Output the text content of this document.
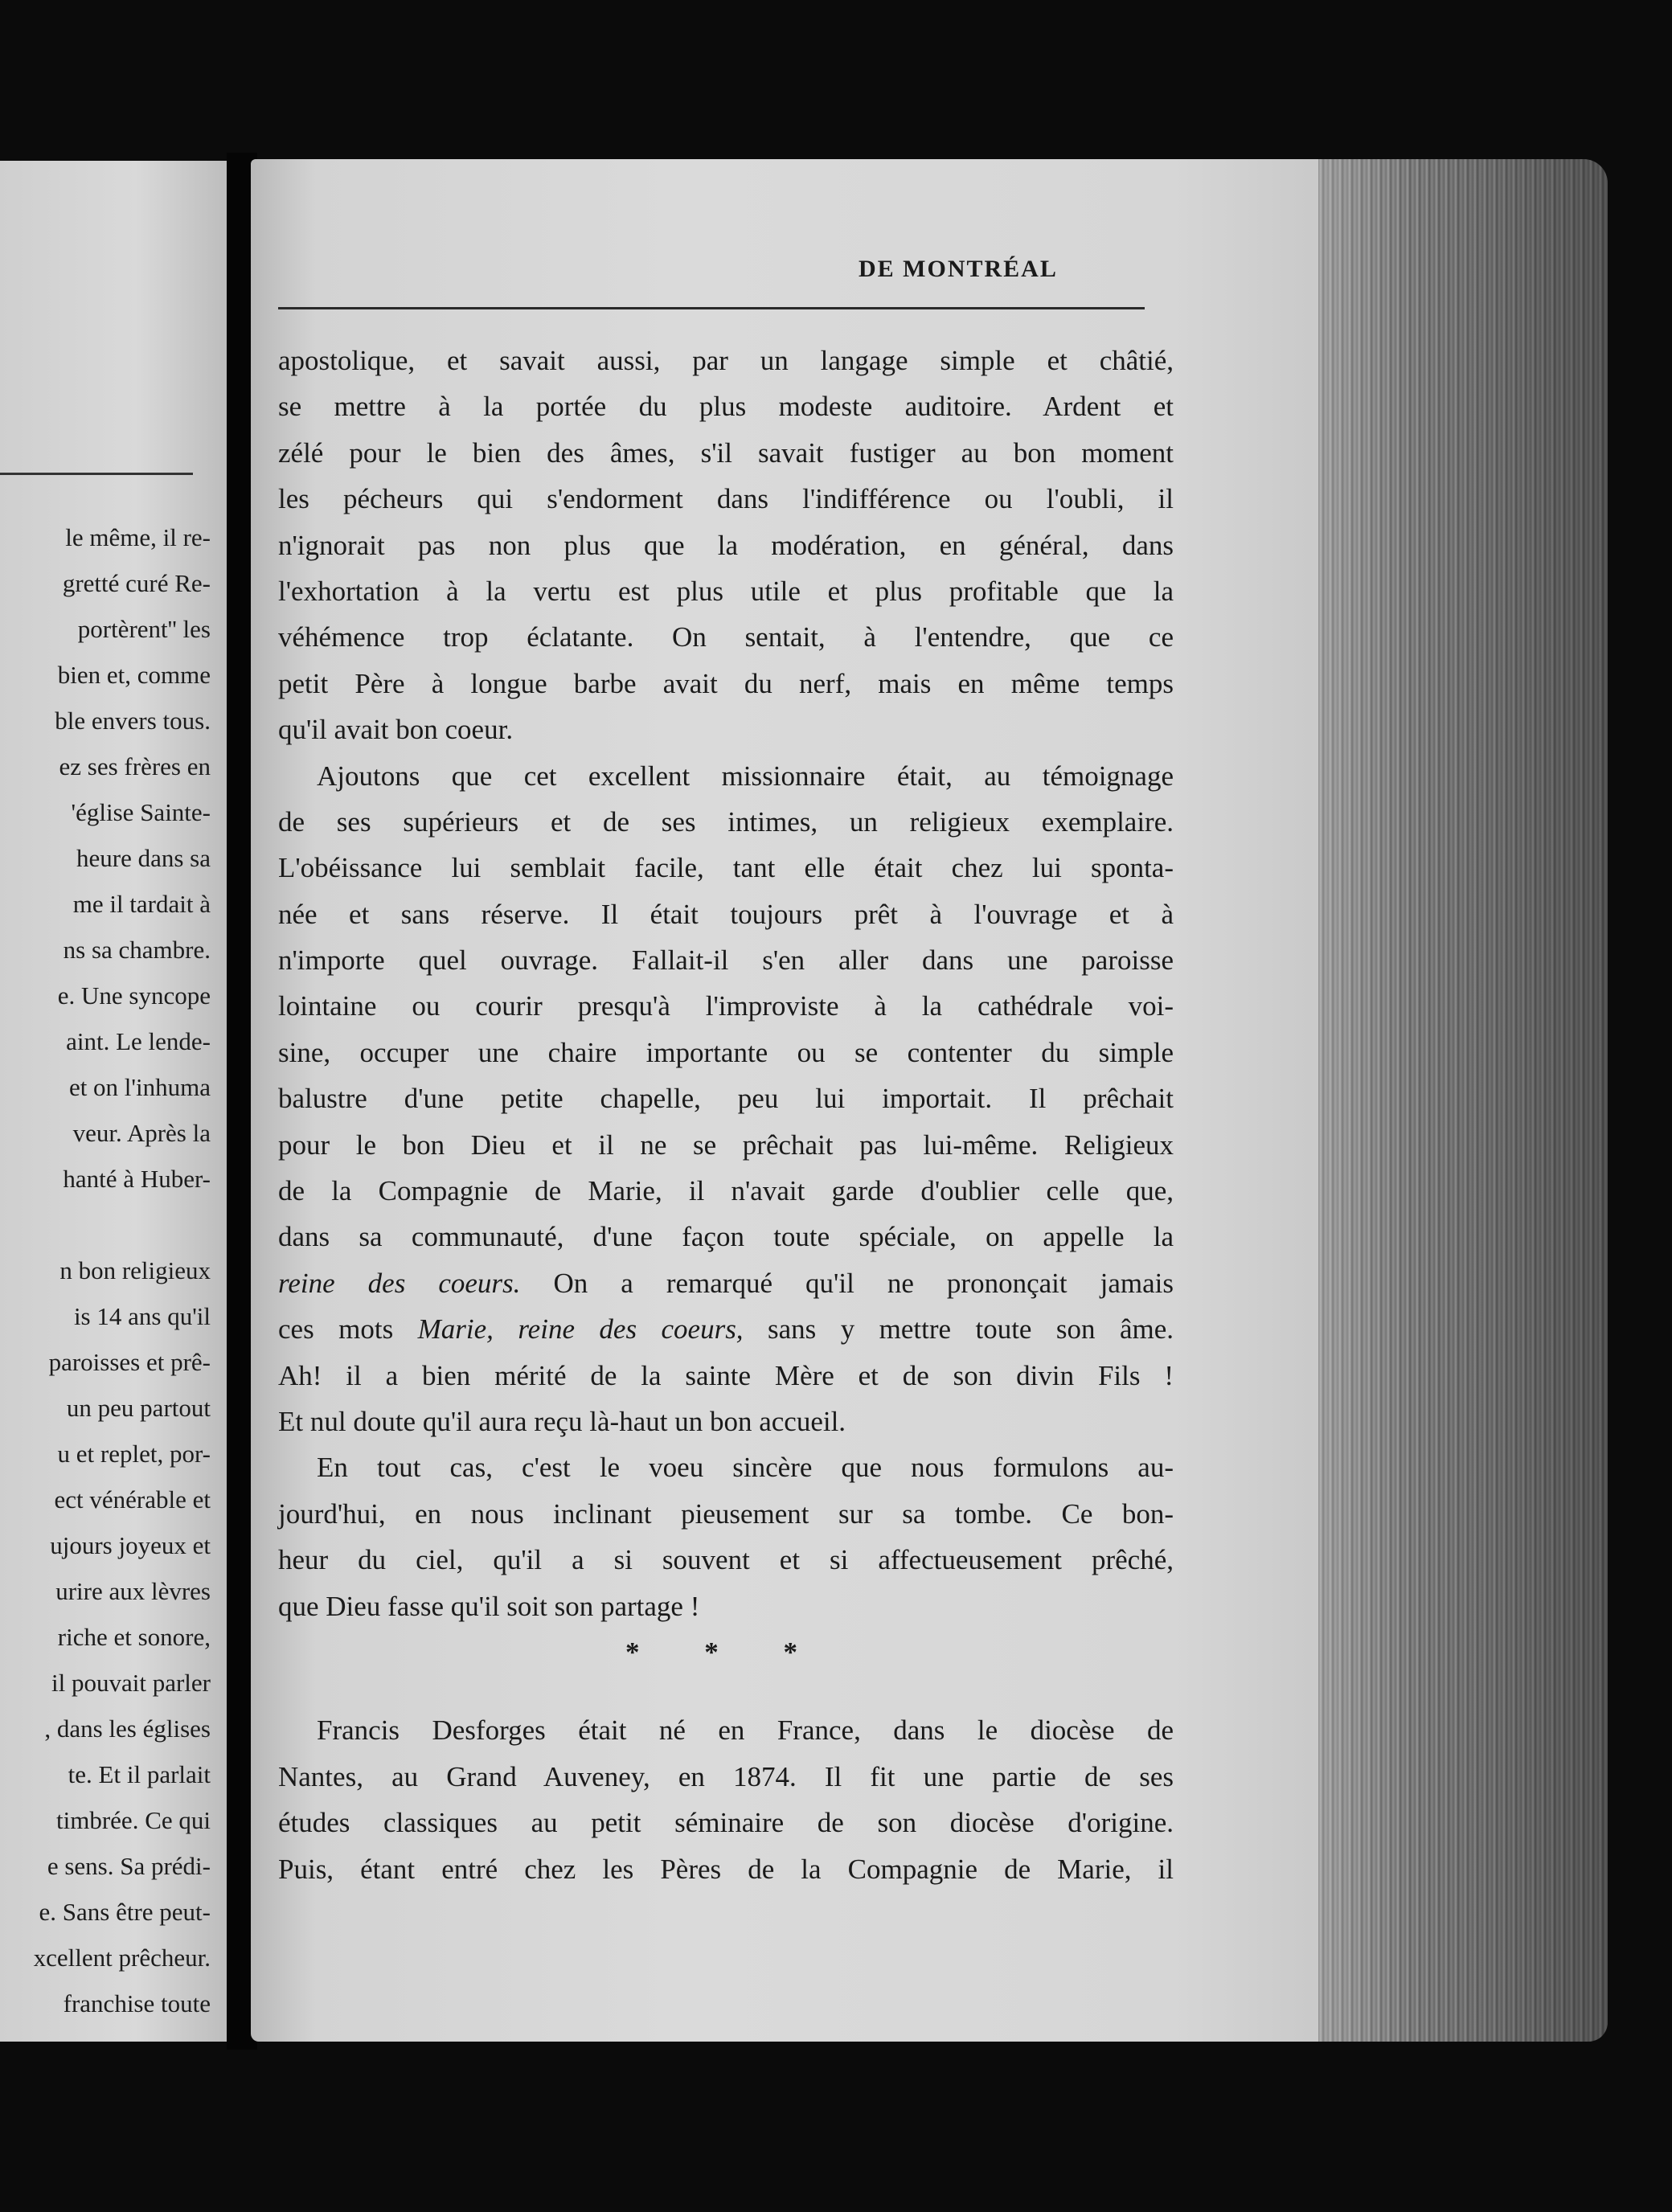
le même, il re-
gretté curé Re-
portèrent'' les
bien et, comme
ble envers tous.
ez ses frères en
'église Sainte-
heure dans sa
me il tardait à
ns sa chambre.
e. Une syncope
aint. Le lende-
et on l'inhuma
veur. Après la
hanté à Huber-
n bon religieux
is 14 ans qu'il
paroisses et prê-
un peu partout
u et replet, por-
ect vénérable et
ujours joyeux et
urire aux lèvres
riche et sonore,
il pouvait parler
, dans les églises
te. Et il parlait
timbrée. Ce qui
e sens. Sa prédi-
e. Sans être peut-
xcellent prêcheur.
franchise toute
DE MONTRÉAL
apostolique, et savait aussi, par un langage simple et châtié,
se mettre à la portée du plus modeste auditoire. Ardent et
zélé pour le bien des âmes, s'il savait fustiger au bon moment
les pécheurs qui s'endorment dans l'indifférence ou l'oubli, il
n'ignorait pas non plus que la modération, en général, dans
l'exhortation à la vertu est plus utile et plus profitable que la
véhémence trop éclatante. On sentait, à l'entendre, que ce
petit Père à longue barbe avait du nerf, mais en même temps
qu'il avait bon coeur.
Ajoutons que cet excellent missionnaire était, au témoignage
de ses supérieurs et de ses intimes, un religieux exemplaire.
L'obéissance lui semblait facile, tant elle était chez lui sponta-
née et sans réserve. Il était toujours prêt à l'ouvrage et à
n'importe quel ouvrage. Fallait-il s'en aller dans une paroisse
lointaine ou courir presqu'à l'improviste à la cathédrale voi-
sine, occuper une chaire importante ou se contenter du simple
balustre d'une petite chapelle, peu lui importait. Il prêchait
pour le bon Dieu et il ne se prêchait pas lui-même. Religieux
de la Compagnie de Marie, il n'avait garde d'oublier celle que,
dans sa communauté, d'une façon toute spéciale, on appelle la
reine des coeurs. On a remarqué qu'il ne prononçait jamais
ces mots Marie, reine des coeurs, sans y mettre toute son âme.
Ah! il a bien mérité de la sainte Mère et de son divin Fils !
Et nul doute qu'il aura reçu là-haut un bon accueil.
En tout cas, c'est le voeu sincère que nous formulons au-
jourd'hui, en nous inclinant pieusement sur sa tombe. Ce bon-
heur du ciel, qu'il a si souvent et si affectueusement prêché,
que Dieu fasse qu'il soit son partage !
* * *
Francis Desforges était né en France, dans le diocèse de
Nantes, au Grand Auveney, en 1874. Il fit une partie de ses
études classiques au petit séminaire de son diocèse d'origine.
Puis, étant entré chez les Pères de la Compagnie de Marie, il
